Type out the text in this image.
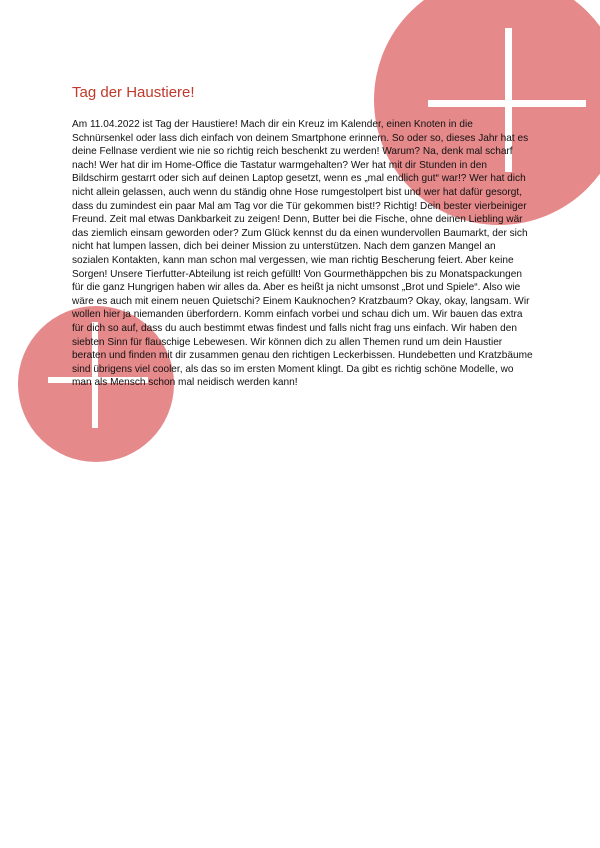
Tag der Haustiere!

Am 11.04.2022 ist Tag der Haustiere! Mach dir ein Kreuz im Kalender, einen Knoten in die Schnürsenkel oder lass dich einfach von deinem Smartphone erinnern. So oder so, dieses Jahr hat es deine Fellnase verdient wie nie so richtig reich beschenkt zu werden! Warum? Na, denk mal scharf nach! Wer hat dir im Home-Office die Tastatur warmgehalten? Wer hat mit dir Stunden in den Bildschirm gestarrt oder sich auf deinen Laptop gesetzt, wenn es „mal endlich gut“ war!? Wer hat dich nicht allein gelassen, auch wenn du ständig ohne Hose rumgestolpert bist und wer hat dafür gesorgt, dass du zumindest ein paar Mal am Tag vor die Tür gekommen bist!? Richtig! Dein bester vierbeiniger Freund. Zeit mal etwas Dankbarkeit zu zeigen! Denn, Butter bei die Fische, ohne deinen Liebling wär das ziemlich einsam geworden oder? Zum Glück kennst du da einen wundervollen Baumarkt, der sich nicht hat lumpen lassen, dich bei deiner Mission zu unterstützen. Nach dem ganzen Mangel an sozialen Kontakten, kann man schon mal vergessen, wie man richtig Bescherung feiert. Aber keine Sorgen! Unsere Tierfutter-Abteilung ist reich gefüllt! Von Gourmethäppchen bis zu Monatspackungen für die ganz Hungrigen haben wir alles da. Aber es heißt ja nicht umsonst „Brot und Spiele“. Also wie wäre es auch mit einem neuen Quietschi? Einem Kauknochen? Kratzbaum? Okay, okay, langsam. Wir wollen hier ja niemanden überfordern. Komm einfach vorbei und schau dich um. Wir bauen das extra für dich so auf, dass du auch bestimmt etwas findest und falls nicht frag uns einfach. Wir haben den siebten Sinn für flauschige Lebewesen. Wir können dich zu allen Themen rund um dein Haustier beraten und finden mit dir zusammen genau den richtigen Leckerbissen. Hundebetten und Kratzbäume sind übrigens viel cooler, als das so im ersten Moment klingt. Da gibt es richtig schöne Modelle, wo man als Mensch schon mal neidisch werden kann!
